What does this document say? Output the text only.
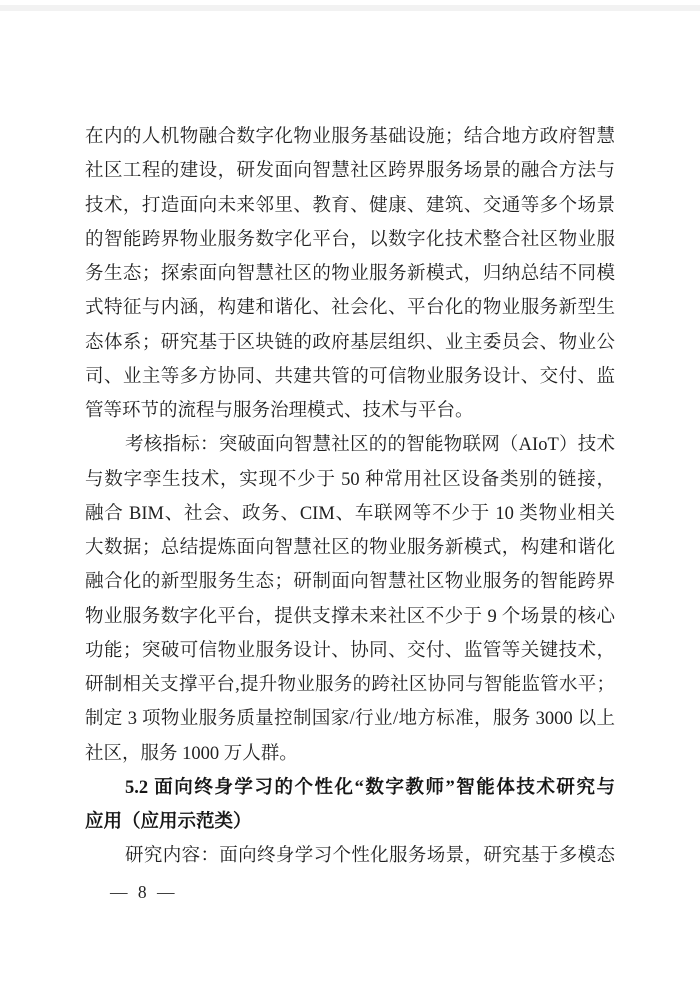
在内的人机物融合数字化物业服务基础设施；结合地方政府智慧
社区工程的建设，研发面向智慧社区跨界服务场景的融合方法与
技术，打造面向未来邻里、教育、健康、建筑、交通等多个场景
的智能跨界物业服务数字化平台，以数字化技术整合社区物业服
务生态；探索面向智慧社区的物业服务新模式，归纳总结不同模
式特征与内涵，构建和谐化、社会化、平台化的物业服务新型生
态体系；研究基于区块链的政府基层组织、业主委员会、物业公
司、业主等多方协同、共建共管的可信物业服务设计、交付、监
管等环节的流程与服务治理模式、技术与平台。
考核指标：突破面向智慧社区的的智能物联网（AIoT）技术
与数字孪生技术，实现不少于 50 种常用社区设备类别的链接，
融合 BIM、社会、政务、CIM、车联网等不少于 10 类物业相关
大数据；总结提炼面向智慧社区的物业服务新模式，构建和谐化
融合化的新型服务生态；研制面向智慧社区物业服务的智能跨界
物业服务数字化平台，提供支撑未来社区不少于 9 个场景的核心
功能；突破可信物业服务设计、协同、交付、监管等关键技术，
研制相关支撑平台,提升物业服务的跨社区协同与智能监管水平；
制定 3 项物业服务质量控制国家/行业/地方标准，服务 3000 以上
社区，服务 1000 万人群。
5.2 面向终身学习的个性化“数字教师”智能体技术研究与
应用（应用示范类）
研究内容：面向终身学习个性化服务场景，研究基于多模态
— 8 —
